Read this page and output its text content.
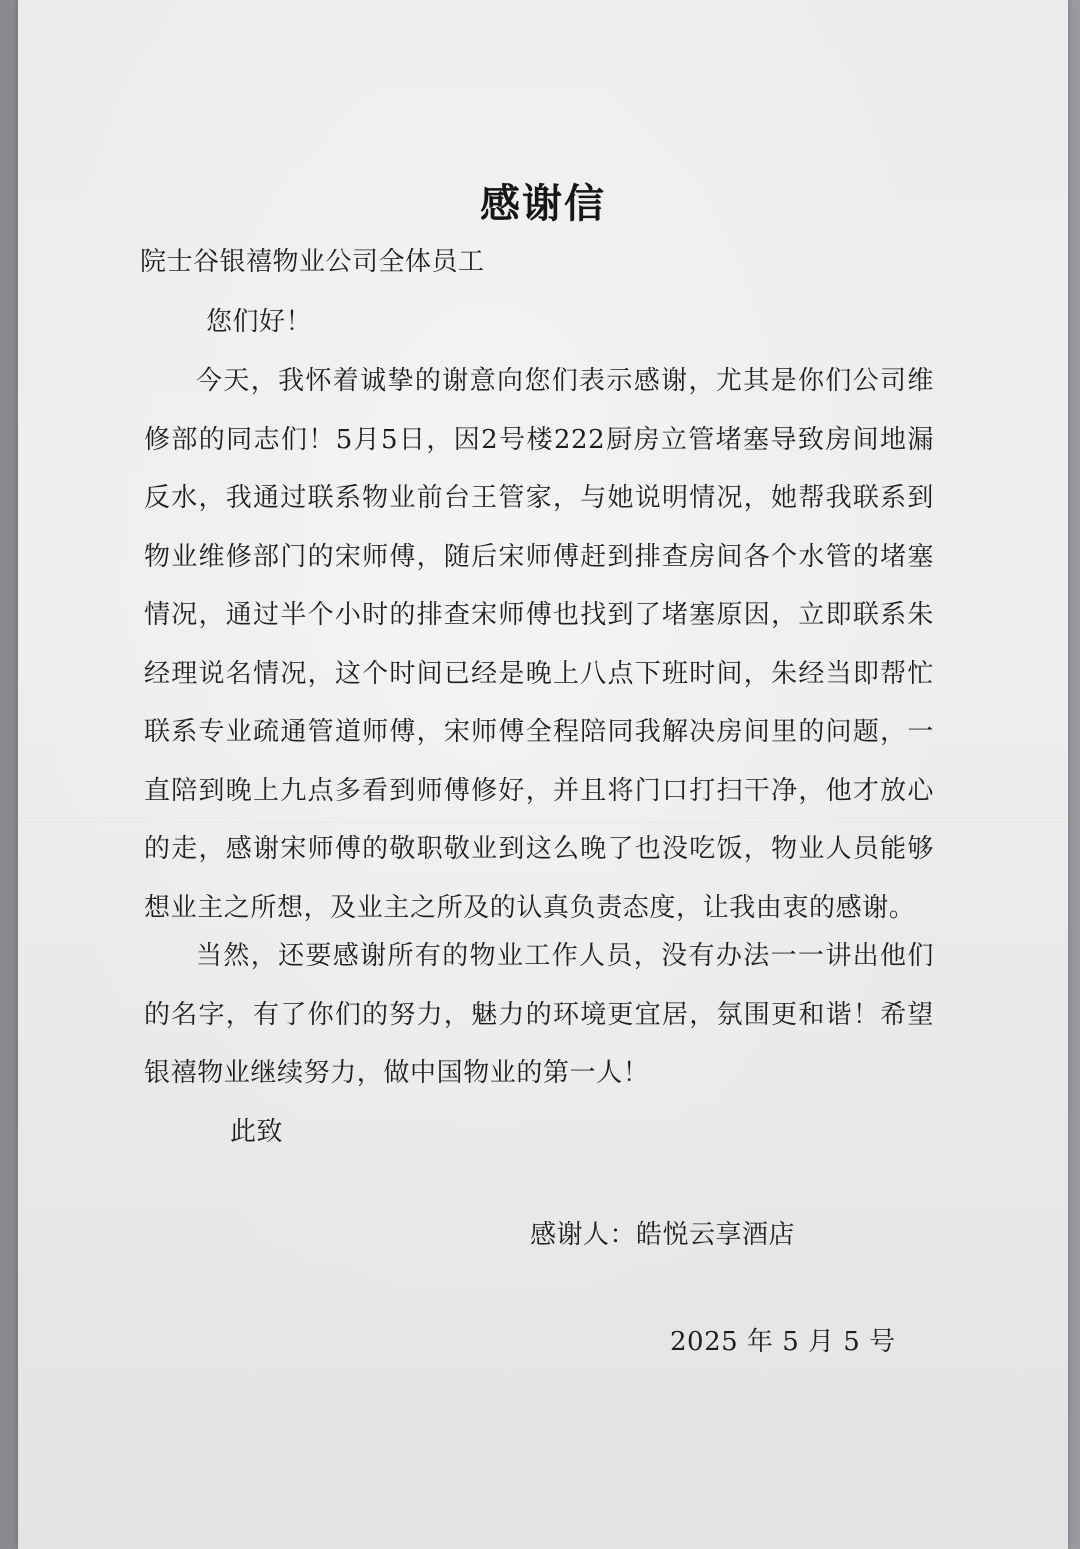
感谢信
院士谷银禧物业公司全体员工
您们好！
今天，我怀着诚挚的谢意向您们表示感谢，尤其是你们公司维修部的同志们！5月5日，因2号楼222厨房立管堵塞导致房间地漏反水，我通过联系物业前台王管家，与她说明情况，她帮我联系到物业维修部门的宋师傅，随后宋师傅赶到排查房间各个水管的堵塞情况，通过半个小时的排查宋师傅也找到了堵塞原因，立即联系朱经理说名情况，这个时间已经是晚上八点下班时间，朱经当即帮忙联系专业疏通管道师傅，宋师傅全程陪同我解决房间里的问题，一直陪到晚上九点多看到师傅修好，并且将门口打扫干净，他才放心的走，感谢宋师傅的敬职敬业到这么晚了也没吃饭，物业人员能够想业主之所想，及业主之所及的认真负责态度，让我由衷的感谢。
当然，还要感谢所有的物业工作人员，没有办法一一讲出他们的名字，有了你们的努力，魅力的环境更宜居，氛围更和谐！希望银禧物业继续努力，做中国物业的第一人！
此致
感谢人：皓悦云享酒店
2025 年 5 月 5 号
